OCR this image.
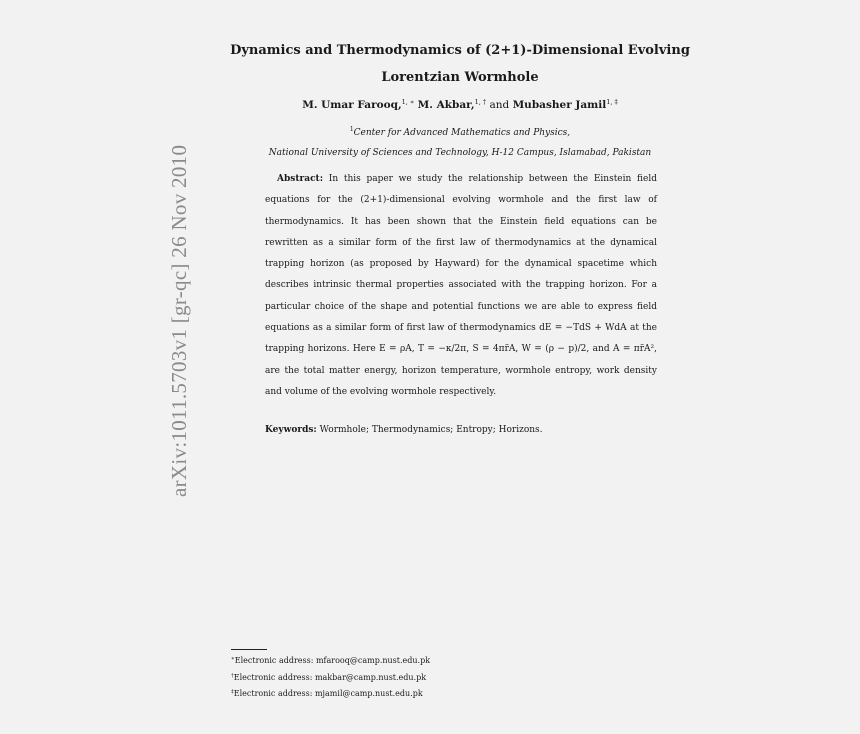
arXiv:1011.5703v1 [gr-qc] 26 Nov 2010
Dynamics and Thermodynamics of (2+1)-Dimensional Evolving
Lorentzian Wormhole
M. Umar Farooq,$^{1, ∗}$ M. Akbar,$^{1, \dagger}$ and Mubasher Jamil$^{1, \ddagger}$
$^1$Center for Advanced Mathematics and Physics,
National University of Sciences and Technology, H-12 Campus, Islamabad, Pakistan

Abstract: In this paper we study the relationship between the Einstein field equations for the (2+1)-dimensional evolving wormhole and the first law of thermodynamics. It has been shown that the Einstein field equations can be rewritten as a similar form of the first law of thermodynamics at the dynamical trapping horizon (as proposed by Hayward) for the dynamical spacetime which describes intrinsic thermal properties associated with the trapping horizon. For a particular choice of the shape and potential functions we are able to express field equations as a similar form of first law of thermodynamics dE = −TdS + WdA at the trapping horizons. Here E = ρA, T = −κ/2π, S = 4πr̃A, W = (ρ − p)/2, and A = πr̃A², are the total matter energy, horizon temperature, wormhole entropy, work density and volume of the evolving wormhole respectively.

Keywords: Wormhole; Thermodynamics; Entropy; Horizons.

∗Electronic address: mfarooq@camp.nust.edu.pk
†Electronic address: makbar@camp.nust.edu.pk
‡Electronic address: mjamil@camp.nust.edu.pk
